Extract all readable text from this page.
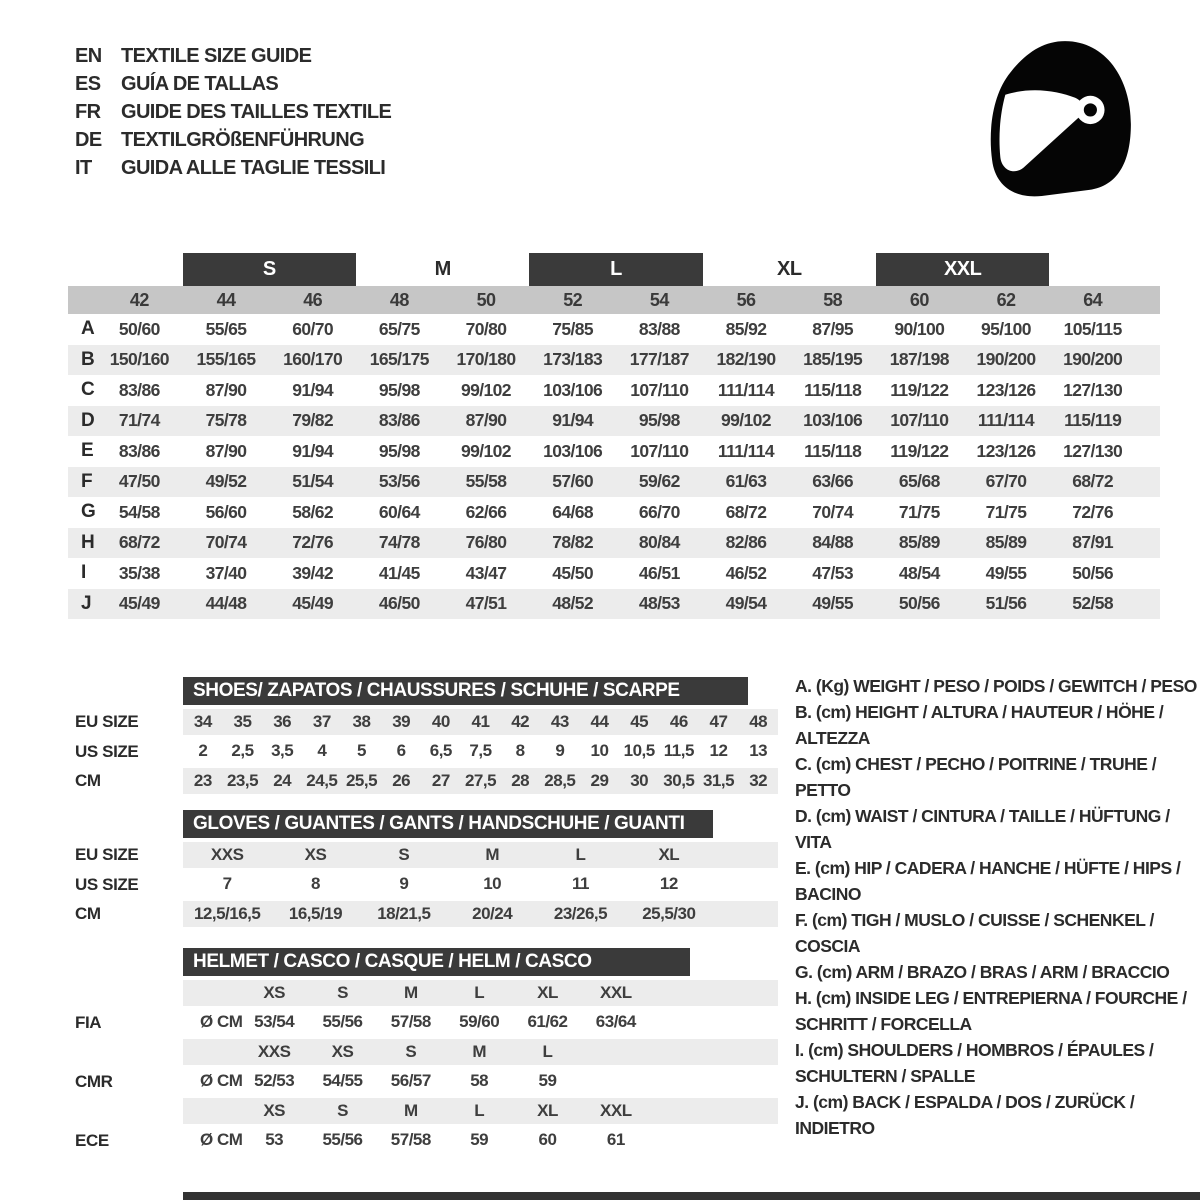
EN TEXTILE SIZE GUIDE
ES	GUÍA DE TALLAS
FR	GUIDE DES TAILLES TEXTILE
DE TEXTILGRÖßENFÜHRUNG
IT	GUIDA ALLE TAGLIE TESSILI
S	M	L	XL	XXL
42	44	46	48	50	52	54	56	58	60	62	64
A	50/60	55/65	60/70	65/75	70/80	75/85	83/88	85/92	87/95	90/100	95/100	105/115
B 150/160	155/165	160/170	165/175	170/180	173/183	177/187	182/190	185/195	187/198	190/200	190/200
C	83/86	87/90	91/94	95/98	99/102	103/106	107/110	111/114	115/118	119/122	123/126	127/130
D	71/74	75/78	79/82	83/86	87/90	91/94	95/98	99/102	103/106	107/110	111/114	115/119
E	83/86	87/90	91/94	95/98	99/102	103/106	107/110	111/114	115/118	119/122	123/126	127/130
F	47/50	49/52	51/54	53/56	55/58	57/60	59/62	61/63	63/66	65/68	67/70	68/72
G	54/58	56/60	58/62	60/64	62/66	64/68	66/70	68/72	70/74	71/75	71/75	72/76
H	68/72	70/74	72/76	74/78	76/80	78/82	80/84	82/86	84/88	85/89	85/89	87/91
I	35/38	37/40	39/42	41/45	43/47	45/50	46/51	46/52	47/53	48/54	49/55	50/56
J	45/49	44/48	45/49	46/50	47/51	48/52	48/53	49/54	49/55	50/56	51/56	52/58
SHOES/ ZAPATOS / CHAUSSURES / SCHUHE / SCARPE
EU SIZE	34	35	36	37	38	39	40	41	42	43	44	45	46	47	48
US SIZE	2	2,5	3,5	4	5	6	6,5	7,5	8	9	10 10,5 11,5 12	13
CM	23 23,5 24 24,5 25,5 26	27 27,5 28 28,5 29	30 30,5 31,5 32
GLOVES / GUANTES / GANTS / HANDSCHUHE / GUANTI
EU SIZE	XXS	XS	S	M	L	XL
US SIZE	7	8	9	10	11	12
CM	12,5/16,5	16,5/19	18/21,5	20/24	23/26,5	25,5/30
HELMET / CASCO / CASQUE / HELM / CASCO
XS	S	M	L	XL	XXL
FIA	Ø CM 53/54	55/56	57/58	59/60	61/62	63/64
XXS	XS	S	M	L
CMR	Ø CM 52/53	54/55	56/57	58	59
XS	S	M	L	XL	XXL
ECE	Ø CM	53	55/56	57/58	59	60	61
A. (Kg) WEIGHT / PESO / POIDS / GEWITCH / PESO
B. (cm) HEIGHT / ALTURA / HAUTEUR / HÖHE / ALTEZZA
C. (cm) CHEST / PECHO / POITRINE / TRUHE / PETTO
D. (cm) WAIST / CINTURA / TAILLE / HÜFTUNG / VITA
E. (cm) HIP / CADERA / HANCHE / HÜFTE / HIPS / BACINO
F. (cm) TIGH / MUSLO / CUISSE / SCHENKEL / COSCIA
G. (cm) ARM / BRAZO / BRAS / ARM / BRACCIO
H. (cm) INSIDE LEG / ENTREPIERNA / FOURCHE / SCHRITT / FORCELLA
I. (cm) SHOULDERS / HOMBROS / ÉPAULES / SCHULTERN / SPALLE
J. (cm) BACK / ESPALDA / DOS / ZURÜCK / INDIETRO
